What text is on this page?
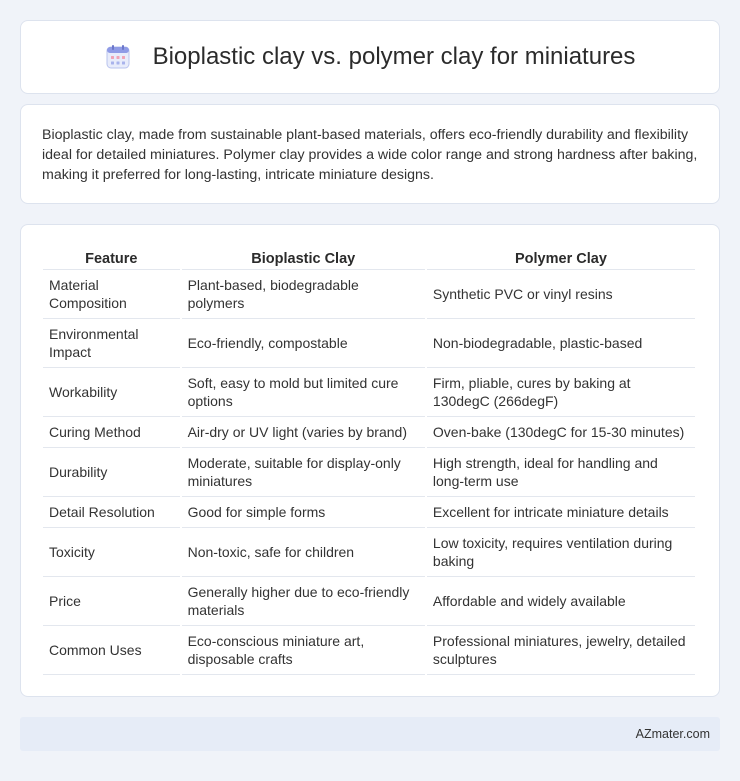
Bioplastic clay vs. polymer clay for miniatures

Bioplastic clay, made from sustainable plant-based materials, offers eco-friendly durability and flexibility ideal for detailed miniatures. Polymer clay provides a wide color range and strong hardness after baking, making it preferred for long-lasting, intricate miniature designs.

Feature	Bioplastic Clay	Polymer Clay
Material Composition	Plant-based, biodegradable polymers	Synthetic PVC or vinyl resins
Environmental Impact	Eco-friendly, compostable	Non-biodegradable, plastic-based
Workability	Soft, easy to mold but limited cure options	Firm, pliable, cures by baking at 130degC (266degF)
Curing Method	Air-dry or UV light (varies by brand)	Oven-bake (130degC for 15-30 minutes)
Durability	Moderate, suitable for display-only miniatures	High strength, ideal for handling and long-term use
Detail Resolution	Good for simple forms	Excellent for intricate miniature details
Toxicity	Non-toxic, safe for children	Low toxicity, requires ventilation during baking
Price	Generally higher due to eco-friendly materials	Affordable and widely available
Common Uses	Eco-conscious miniature art, disposable crafts	Professional miniatures, jewelry, detailed sculptures
AZmater.com
